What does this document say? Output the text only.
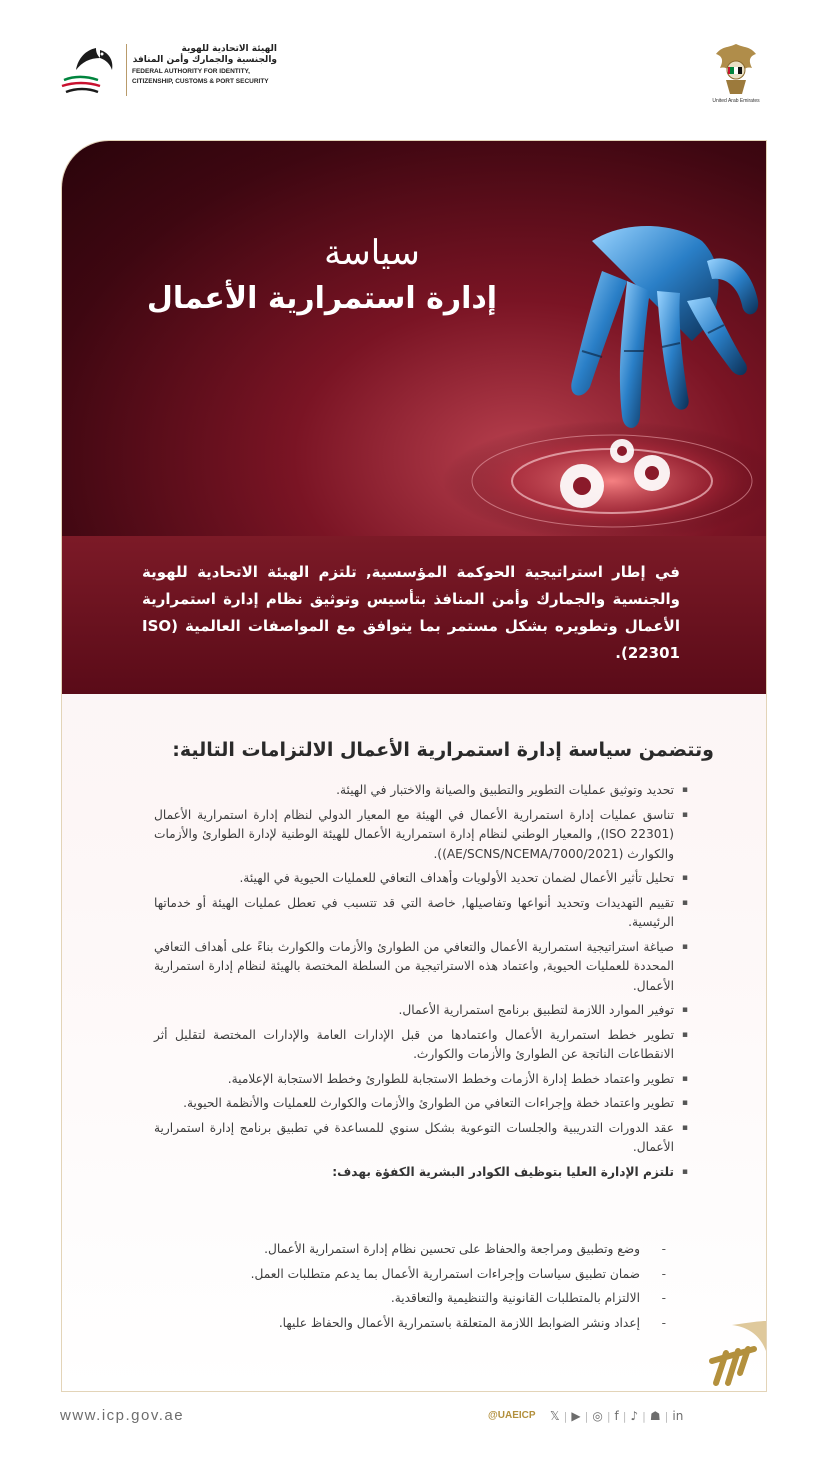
United Arab Emirates
الهيئة الاتحادية للهوية
والجنسية والجمارك وأمن المنافذ
FEDERAL AUTHORITY FOR IDENTITY,
CITIZENSHIP, CUSTOMS & PORT SECURITY
سياسة
إدارة استمرارية الأعمال
في إطار استراتيجية الحوكمة المؤسسية, تلتزم الهيئة الاتحادية للهوية والجنسية والجمارك وأمن المنافذ بتأسيس وتوثيق نظام إدارة استمرارية الأعمال وتطويره بشكل مستمر بما يتوافق مع المواصفات العالمية (ISO 22301).
وتتضمن سياسة إدارة استمرارية الأعمال الالتزامات التالية:
▪ تحديد وتوثيق عمليات التطوير والتطبيق والصيانة والاختبار في الهيئة.
▪ تناسق عمليات إدارة استمرارية الأعمال في الهيئة مع المعيار الدولي لنظام إدارة استمرارية الأعمال (ISO 22301), والمعيار الوطني لنظام إدارة استمرارية الأعمال للهيئة الوطنية لإدارة الطوارئ والأزمات والكوارث (AE/SCNS/NCEMA/7000/2021)).
▪ تحليل تأثير الأعمال لضمان تحديد الأولويات وأهداف التعافي للعمليات الحيوية في الهيئة.
▪ تقييم التهديدات وتحديد أنواعها وتفاصيلها, خاصة التي قد تتسبب في تعطل عمليات الهيئة أو خدماتها الرئيسية.
▪ صياغة استراتيجية استمرارية الأعمال والتعافي من الطوارئ والأزمات والكوارث بناءً على أهداف التعافي المحددة للعمليات الحيوية, واعتماد هذه الاستراتيجية من السلطة المختصة بالهيئة لنظام إدارة استمرارية الأعمال.
▪ توفير الموارد اللازمة لتطبيق برنامج استمرارية الأعمال.
▪ تطوير خطط استمرارية الأعمال واعتمادها من قبل الإدارات العامة والإدارات المختصة لتقليل أثر الانقطاعات الناتجة عن الطوارئ والأزمات والكوارث.
▪ تطوير واعتماد خطط إدارة الأزمات وخطط الاستجابة للطوارئ وخطط الاستجابة الإعلامية.
▪ تطوير واعتماد خطة وإجراءات التعافي من الطوارئ والأزمات والكوارث للعمليات والأنظمة الحيوية.
▪ عقد الدورات التدريبية والجلسات التوعوية بشكل سنوي للمساعدة في تطبيق برنامج إدارة استمرارية الأعمال.
▪ تلتزم الإدارة العليا بتوظيف الكوادر البشرية الكفؤة بهدف:
- وضع وتطبيق ومراجعة والحفاظ على تحسين نظام إدارة استمرارية الأعمال.
- ضمان تطبيق سياسات وإجراءات استمرارية الأعمال بما يدعم متطلبات العمل.
- الالتزام بالمتطلبات القانونية والتنظيمية والتعاقدية.
- إعداد ونشر الضوابط اللازمة المتعلقة باستمرارية الأعمال والحفاظ عليها.
www.icp.gov.ae	@UAEICP 𝕏 | ▶ | ◎ | f | ♪ | ☗ | in
